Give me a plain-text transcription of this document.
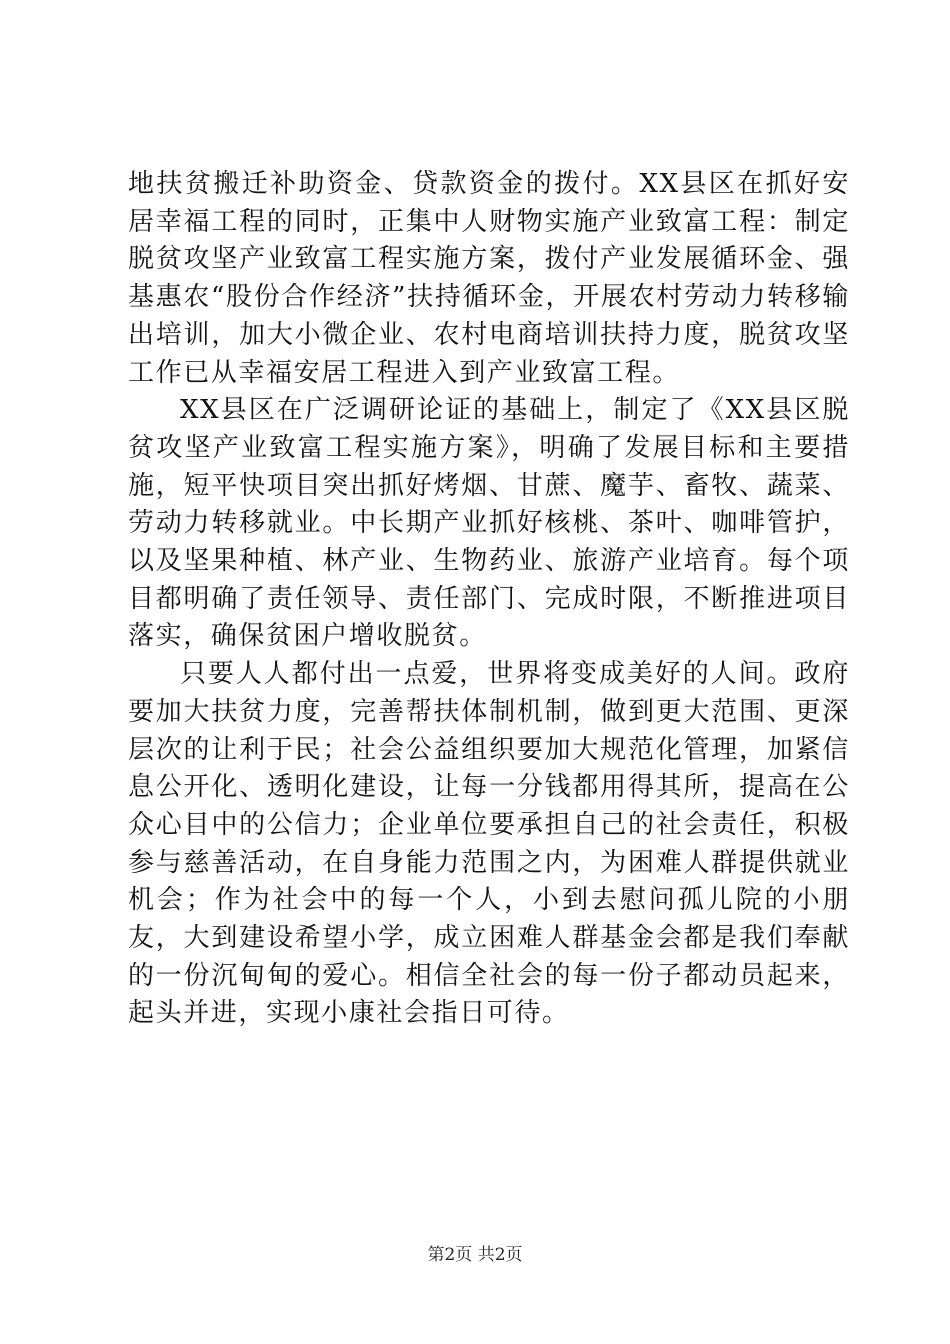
地扶贫搬迁补助资金、贷款资金的拨付。XX县区在抓好安居幸福工程的同时，正集中人财物实施产业致富工程：制定脱贫攻坚产业致富工程实施方案，拨付产业发展循环金、强基惠农“股份合作经济”扶持循环金，开展农村劳动力转移输出培训，加大小微企业、农村电商培训扶持力度，脱贫攻坚工作已从幸福安居工程进入到产业致富工程。

XX县区在广泛调研论证的基础上，制定了《XX县区脱贫攻坚产业致富工程实施方案》，明确了发展目标和主要措施，短平快项目突出抓好烤烟、甘蔗、魔芋、畜牧、蔬菜、劳动力转移就业。中长期产业抓好核桃、茶叶、咖啡管护，以及坚果种植、林产业、生物药业、旅游产业培育。每个项目都明确了责任领导、责任部门、完成时限，不断推进项目落实，确保贫困户增收脱贫。

只要人人都付出一点爱，世界将变成美好的人间。政府要加大扶贫力度，完善帮扶体制机制，做到更大范围、更深层次的让利于民；社会公益组织要加大规范化管理，加紧信息公开化、透明化建设，让每一分钱都用得其所，提高在公众心目中的公信力；企业单位要承担自己的社会责任，积极参与慈善活动，在自身能力范围之内，为困难人群提供就业机会；作为社会中的每一个人，小到去慰问孤儿院的小朋友，大到建设希望小学，成立困难人群基金会都是我们奉献的一份沉甸甸的爱心。相信全社会的每一份子都动员起来，起头并进，实现小康社会指日可待。

第2页 共2页
